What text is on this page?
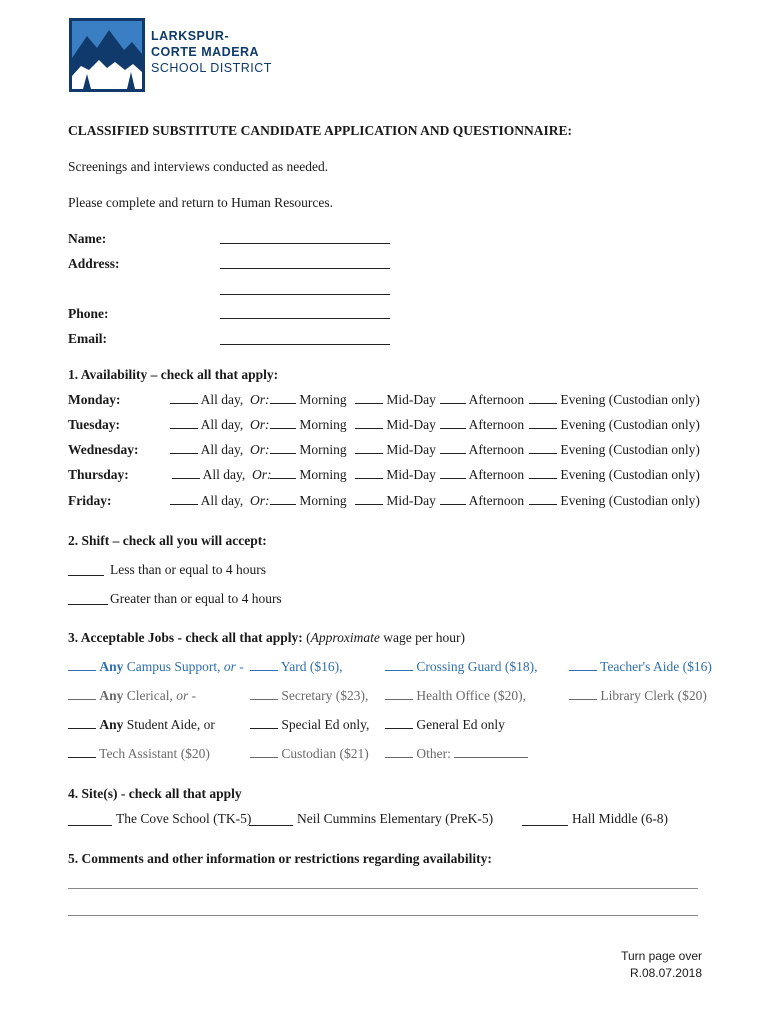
LARKSPUR-
CORTE MADERA
SCHOOL DISTRICT
CLASSIFIED SUBSTITUTE CANDIDATE APPLICATION AND QUESTIONNAIRE:
Screenings and interviews conducted as needed.
Please complete and return to Human Resources.
Name:
Address:
Phone:
Email:
1. Availability – check all that apply:
Monday:	All day, Or:	Morning	Mid-Day	Afternoon	Evening (Custodian only)
Tuesday:	All day, Or:	Morning	Mid-Day	Afternoon	Evening (Custodian only)
Wednesday:	All day, Or:	Morning	Mid-Day	Afternoon	Evening (Custodian only)
Thursday:	All day, Or:	Morning	Mid-Day	Afternoon	Evening (Custodian only)
Friday:	All day, Or:	Morning	Mid-Day	Afternoon	Evening (Custodian only)
2. Shift – check all you will accept:
Less than or equal to 4 hours
Greater than or equal to 4 hours
3. Acceptable Jobs - check all that apply: (Approximate wage per hour)
Any Campus Support, or -	Yard ($16),	Crossing Guard ($18),	Teacher's Aide ($16)
Any Clerical, or -	Secretary ($23),	Health Office ($20),	Library Clerk ($20)
Any Student Aide, or	Special Ed only,	General Ed only
Tech Assistant ($20)	Custodian ($21)	Other:
4. Site(s) - check all that apply
The Cove School (TK-5)	Neil Cummins Elementary (PreK-5)	Hall Middle (6-8)
5. Comments and other information or restrictions regarding availability:
Turn page over
R.08.07.2018
